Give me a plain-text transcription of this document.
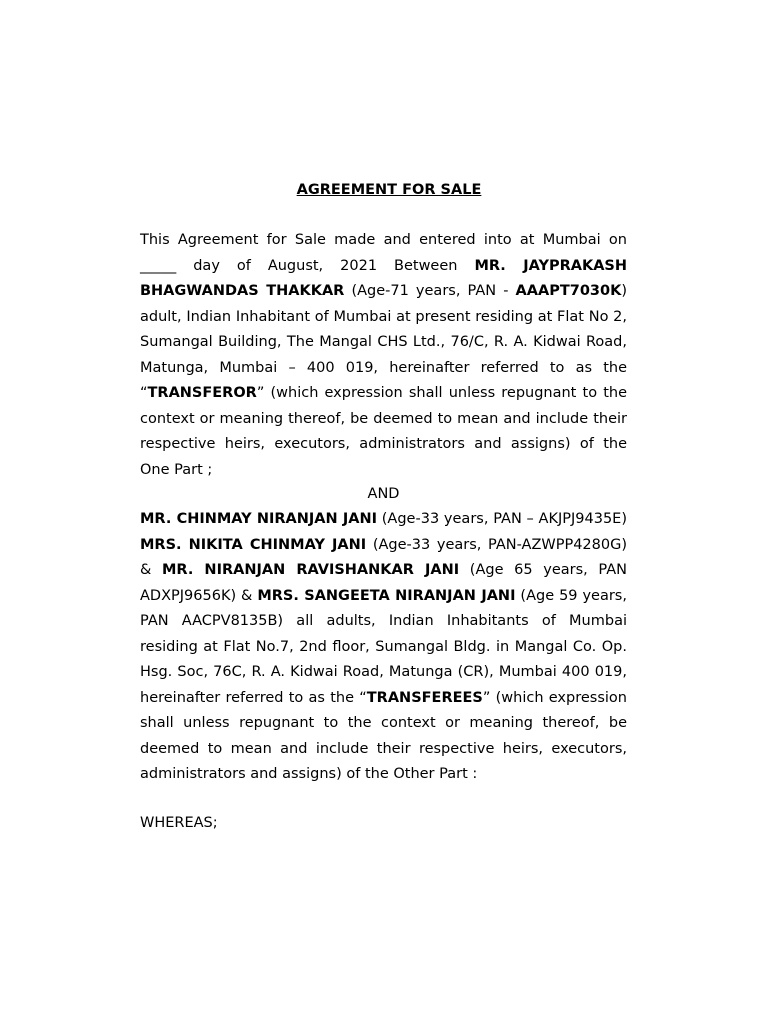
AGREEMENT FOR SALE

This Agreement for Sale made and entered into at Mumbai on _____ day of August, 2021 Between MR. JAYPRAKASH BHAGWANDAS THAKKAR (Age-71 years, PAN - AAAPT7030K) adult, Indian Inhabitant of Mumbai at present residing at Flat No 2, Sumangal Building, The Mangal CHS Ltd., 76/C, R. A. Kidwai Road, Matunga, Mumbai – 400 019, hereinafter referred to as the “TRANSFEROR” (which expression shall unless repugnant to the context or meaning thereof, be deemed to mean and include their respective heirs, executors, administrators and assigns) of the One Part ;

AND

MR. CHINMAY NIRANJAN JANI (Age-33 years, PAN – AKJPJ9435E) MRS. NIKITA CHINMAY JANI (Age-33 years, PAN-AZWPP4280G) & MR. NIRANJAN RAVISHANKAR JANI (Age 65 years, PAN ADXPJ9656K) & MRS. SANGEETA NIRANJAN JANI (Age 59 years, PAN AACPV8135B) all adults, Indian Inhabitants of Mumbai residing at Flat No.7, 2nd floor, Sumangal Bldg. in Mangal Co. Op. Hsg. Soc, 76C, R. A. Kidwai Road, Matunga (CR), Mumbai 400 019, hereinafter referred to as the “TRANSFEREES” (which expression shall unless repugnant to the context or meaning thereof, be deemed to mean and include their respective heirs, executors, administrators and assigns) of the Other Part :

WHEREAS;
